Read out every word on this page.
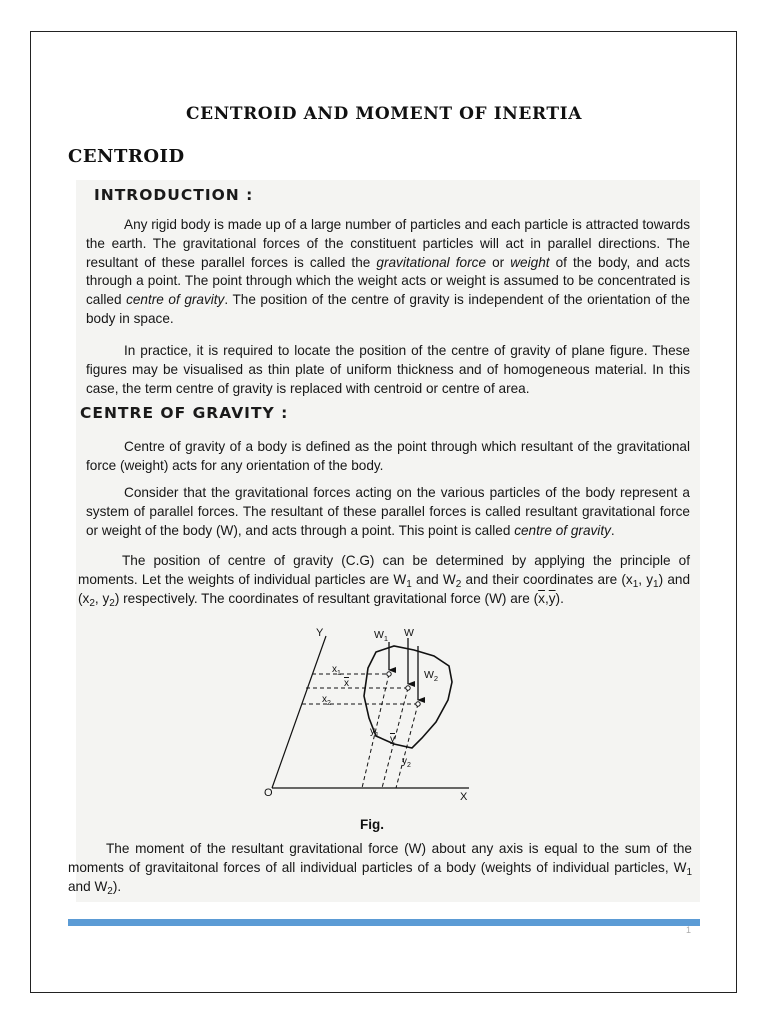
CENTROID AND MOMENT OF INERTIA
CENTROID
INTRODUCTION :
Any rigid body is made up of a large number of particles and each particle is attracted towards the earth. The gravitational forces of the constituent particles will act in parallel directions. The resultant of these parallel forces is called the gravitational force or weight of the body, and acts through a point. The point through which the weight acts or weight is assumed to be concentrated is called centre of gravity. The position of the centre of gravity is independent of the orientation of the body in space.
In practice, it is required to locate the position of the centre of gravity of plane figure. These figures may be visualised as thin plate of uniform thickness and of homogeneous material. In this case, the term centre of gravity is replaced with centroid or centre of area.
CENTRE OF GRAVITY :
Centre of gravity of a body is defined as the point through which resultant of the gravitational force (weight) acts for any orientation of the body.
Consider that the gravitational forces acting on the various particles of the body represent a system of parallel forces. The resultant of these parallel forces is called resultant gravitational force or weight of the body (W), and acts through a point. This point is called centre of gravity.
The position of centre of gravity (C.G) can be determined by applying the principle of moments. Let the weights of individual particles are $W_1$ and $W_2$ and their coordinates are ($x_1$, $y_1$) and ($x_2$, $y_2$) respectively. The coordinates of resultant gravitational force (W) are $(\overline{x},\overline{y})$.
Y
X
O
$W_1$ W
$W_2$
$x_1$
x
$x_2$
$y_1$ y
$y_2$
Fig.
The moment of the resultant gravitational force (W) about any axis is equal to the sum of the moments of gravitaitonal forces of all individual particles of a body (weights of individual particles, $W_1$ and $W_2$).
1
